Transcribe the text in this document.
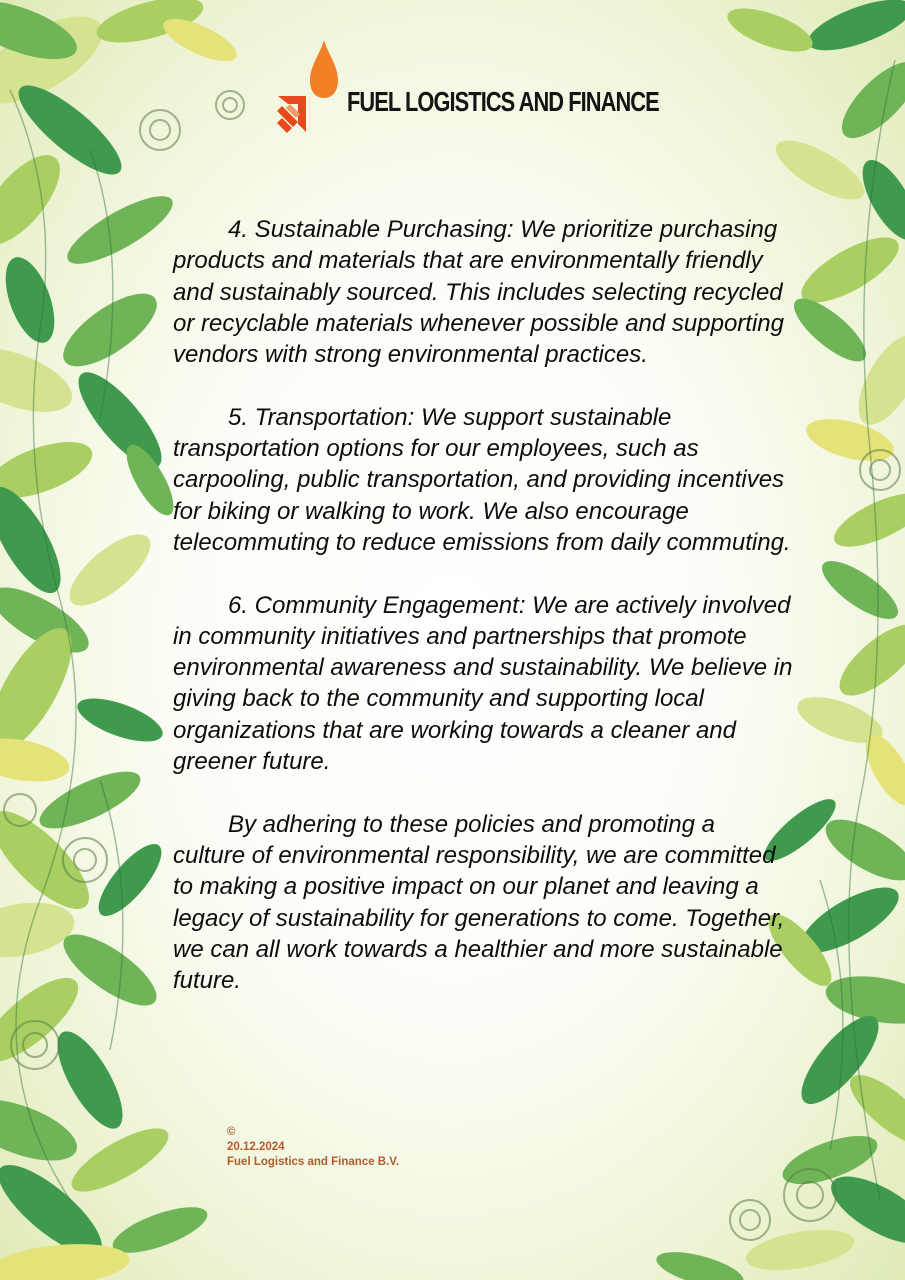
FUEL LOGISTICS AND FINANCE

4. Sustainable Purchasing: We prioritize purchasing products and materials that are environmentally friendly and sustainably sourced. This includes selecting recycled or recyclable materials whenever possible and supporting vendors with strong environmental practices.

5. Transportation: We support sustainable transportation options for our employees, such as carpooling, public transportation, and providing incentives for biking or walking to work. We also encourage telecommuting to reduce emissions from daily commuting.

6. Community Engagement: We are actively involved in community initiatives and partnerships that promote environmental awareness and sustainability. We believe in giving back to the community and supporting local organizations that are working towards a cleaner and greener future.

By adhering to these policies and promoting a culture of environmental responsibility, we are committed to making a positive impact on our planet and leaving a legacy of sustainability for generations to come. Together, we can all work towards a healthier and more sustainable future.

©
20.12.2024
Fuel Logistics and Finance B.V.
